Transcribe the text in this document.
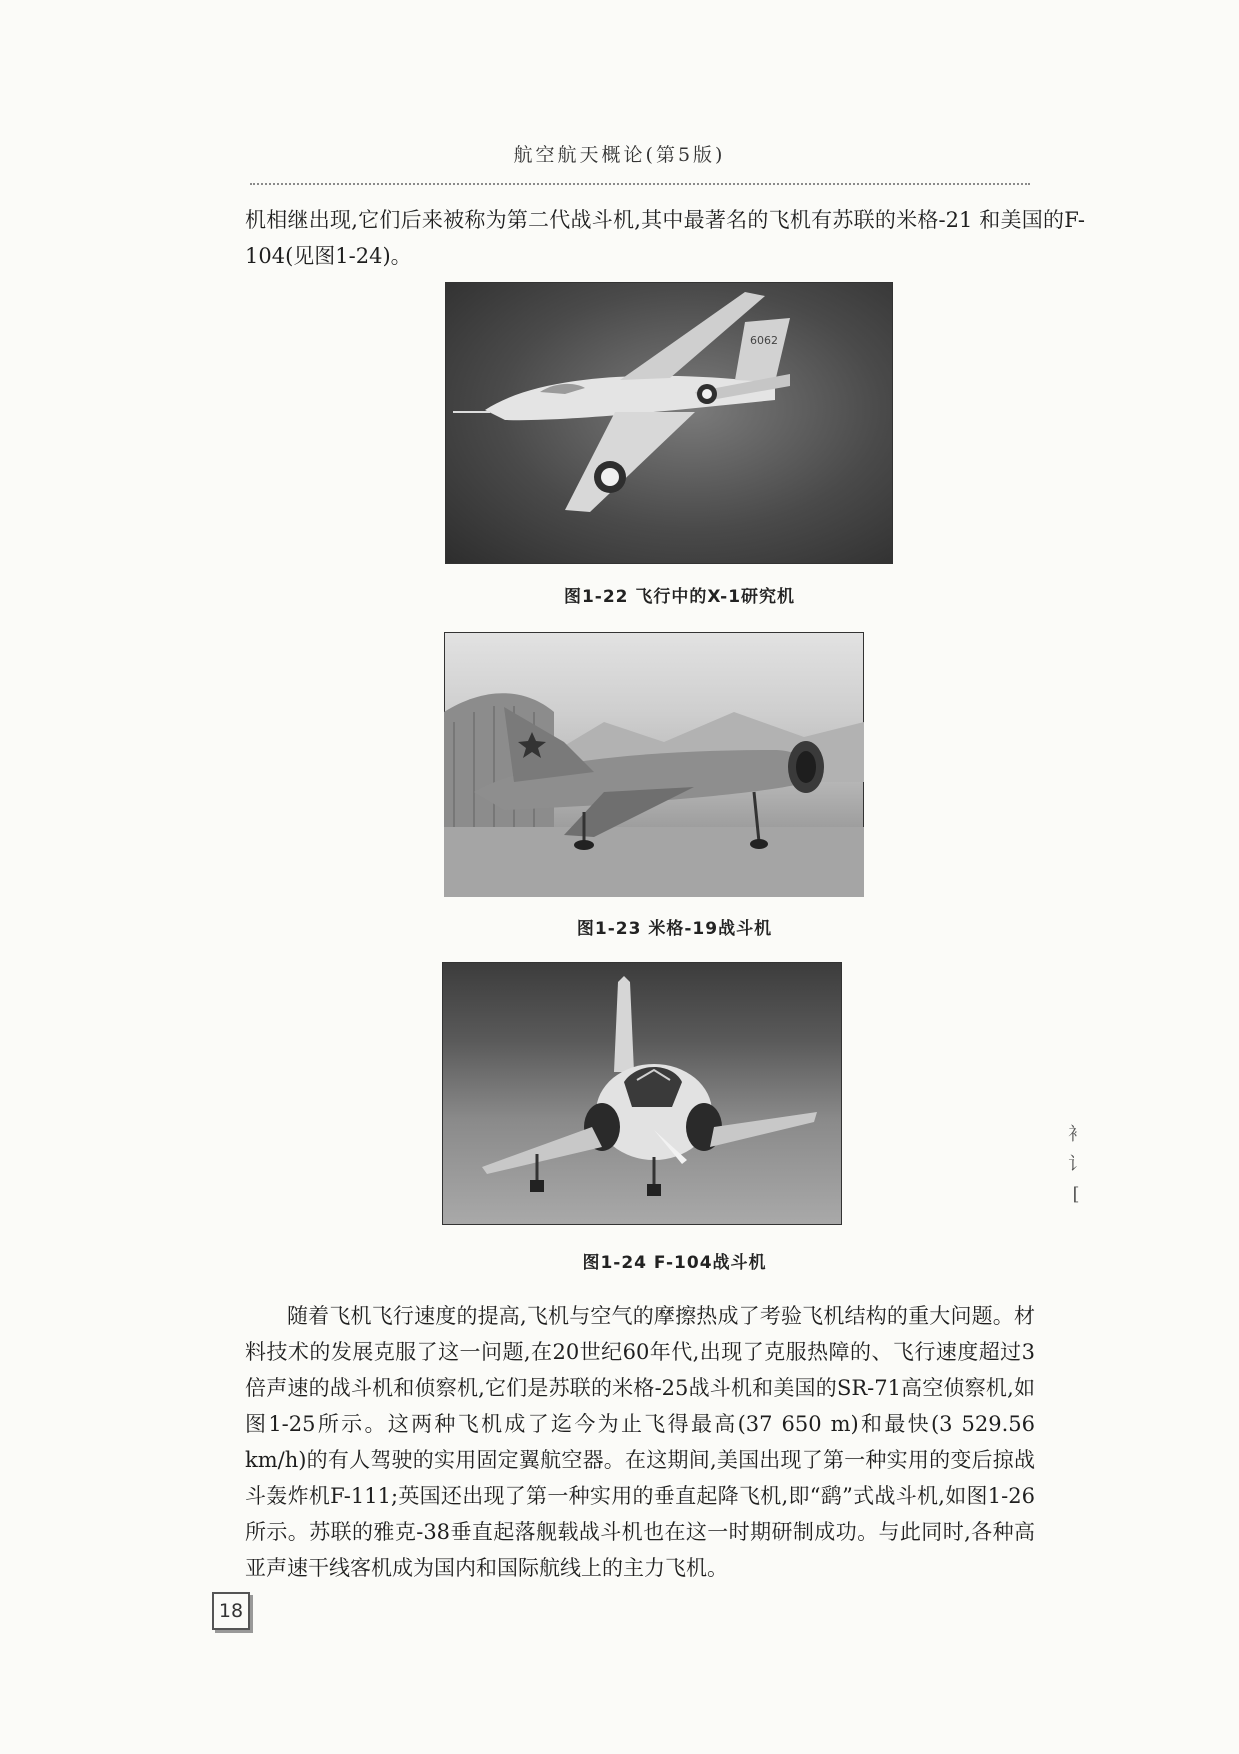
航空航天概论(第5版)

机相继出现,它们后来被称为第二代战斗机,其中最著名的飞机有苏联的米格-21 和美国的F-104(见图1-24)。

6062
图1-22 飞行中的X-1研究机
图1-23 米格-19战斗机
图1-24 F-104战斗机

随着飞机飞行速度的提高,飞机与空气的摩擦热成了考验飞机结构的重大问题。材料技术的发展克服了这一问题,在20世纪60年代,出现了克服热障的、飞行速度超过3倍声速的战斗机和侦察机,它们是苏联的米格-25战斗机和美国的SR-71高空侦察机,如图1-25所示。这两种飞机成了迄今为止飞得最高(37 650 m)和最快(3 529.56 km/h)的有人驾驶的实用固定翼航空器。在这期间,美国出现了第一种实用的变后掠战斗轰炸机F-111;英国还出现了第一种实用的垂直起降飞机,即“鹞”式战斗机,如图1-26所示。苏联的雅克-38垂直起落舰载战斗机也在这一时期研制成功。与此同时,各种高亚声速干线客机成为国内和国际航线上的主力飞机。

18
衤
讠
[
